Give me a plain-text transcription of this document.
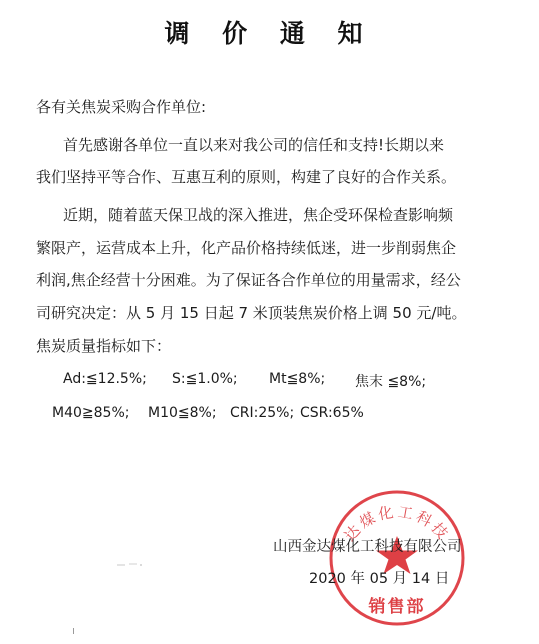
调 价 通 知
各有关焦炭采购合作单位:
首先感谢各单位一直以来对我公司的信任和支持!长期以来
我们坚持平等合作、互惠互利的原则，构建了良好的合作关系。
近期，随着蓝天保卫战的深入推进，焦企受环保检查影响频
繁限产，运营成本上升，化产品价格持续低迷，进一步削弱焦企
利润,焦企经营十分困难。为了保证各合作单位的用量需求，经公
司研究决定：从 5 月 15 日起 7 米顶装焦炭价格上调 50 元/吨。
焦炭质量指标如下：
Ad:≦12.5%; S:≦1.0%; Mt≦8%; 焦末 ≦8%;
M40≧85%; M10≦8%; CRI:25%; CSR:65%
达煤化工科技
销售部
山西金达煤化工科技有限公司
2020 年 05 月 14 日
